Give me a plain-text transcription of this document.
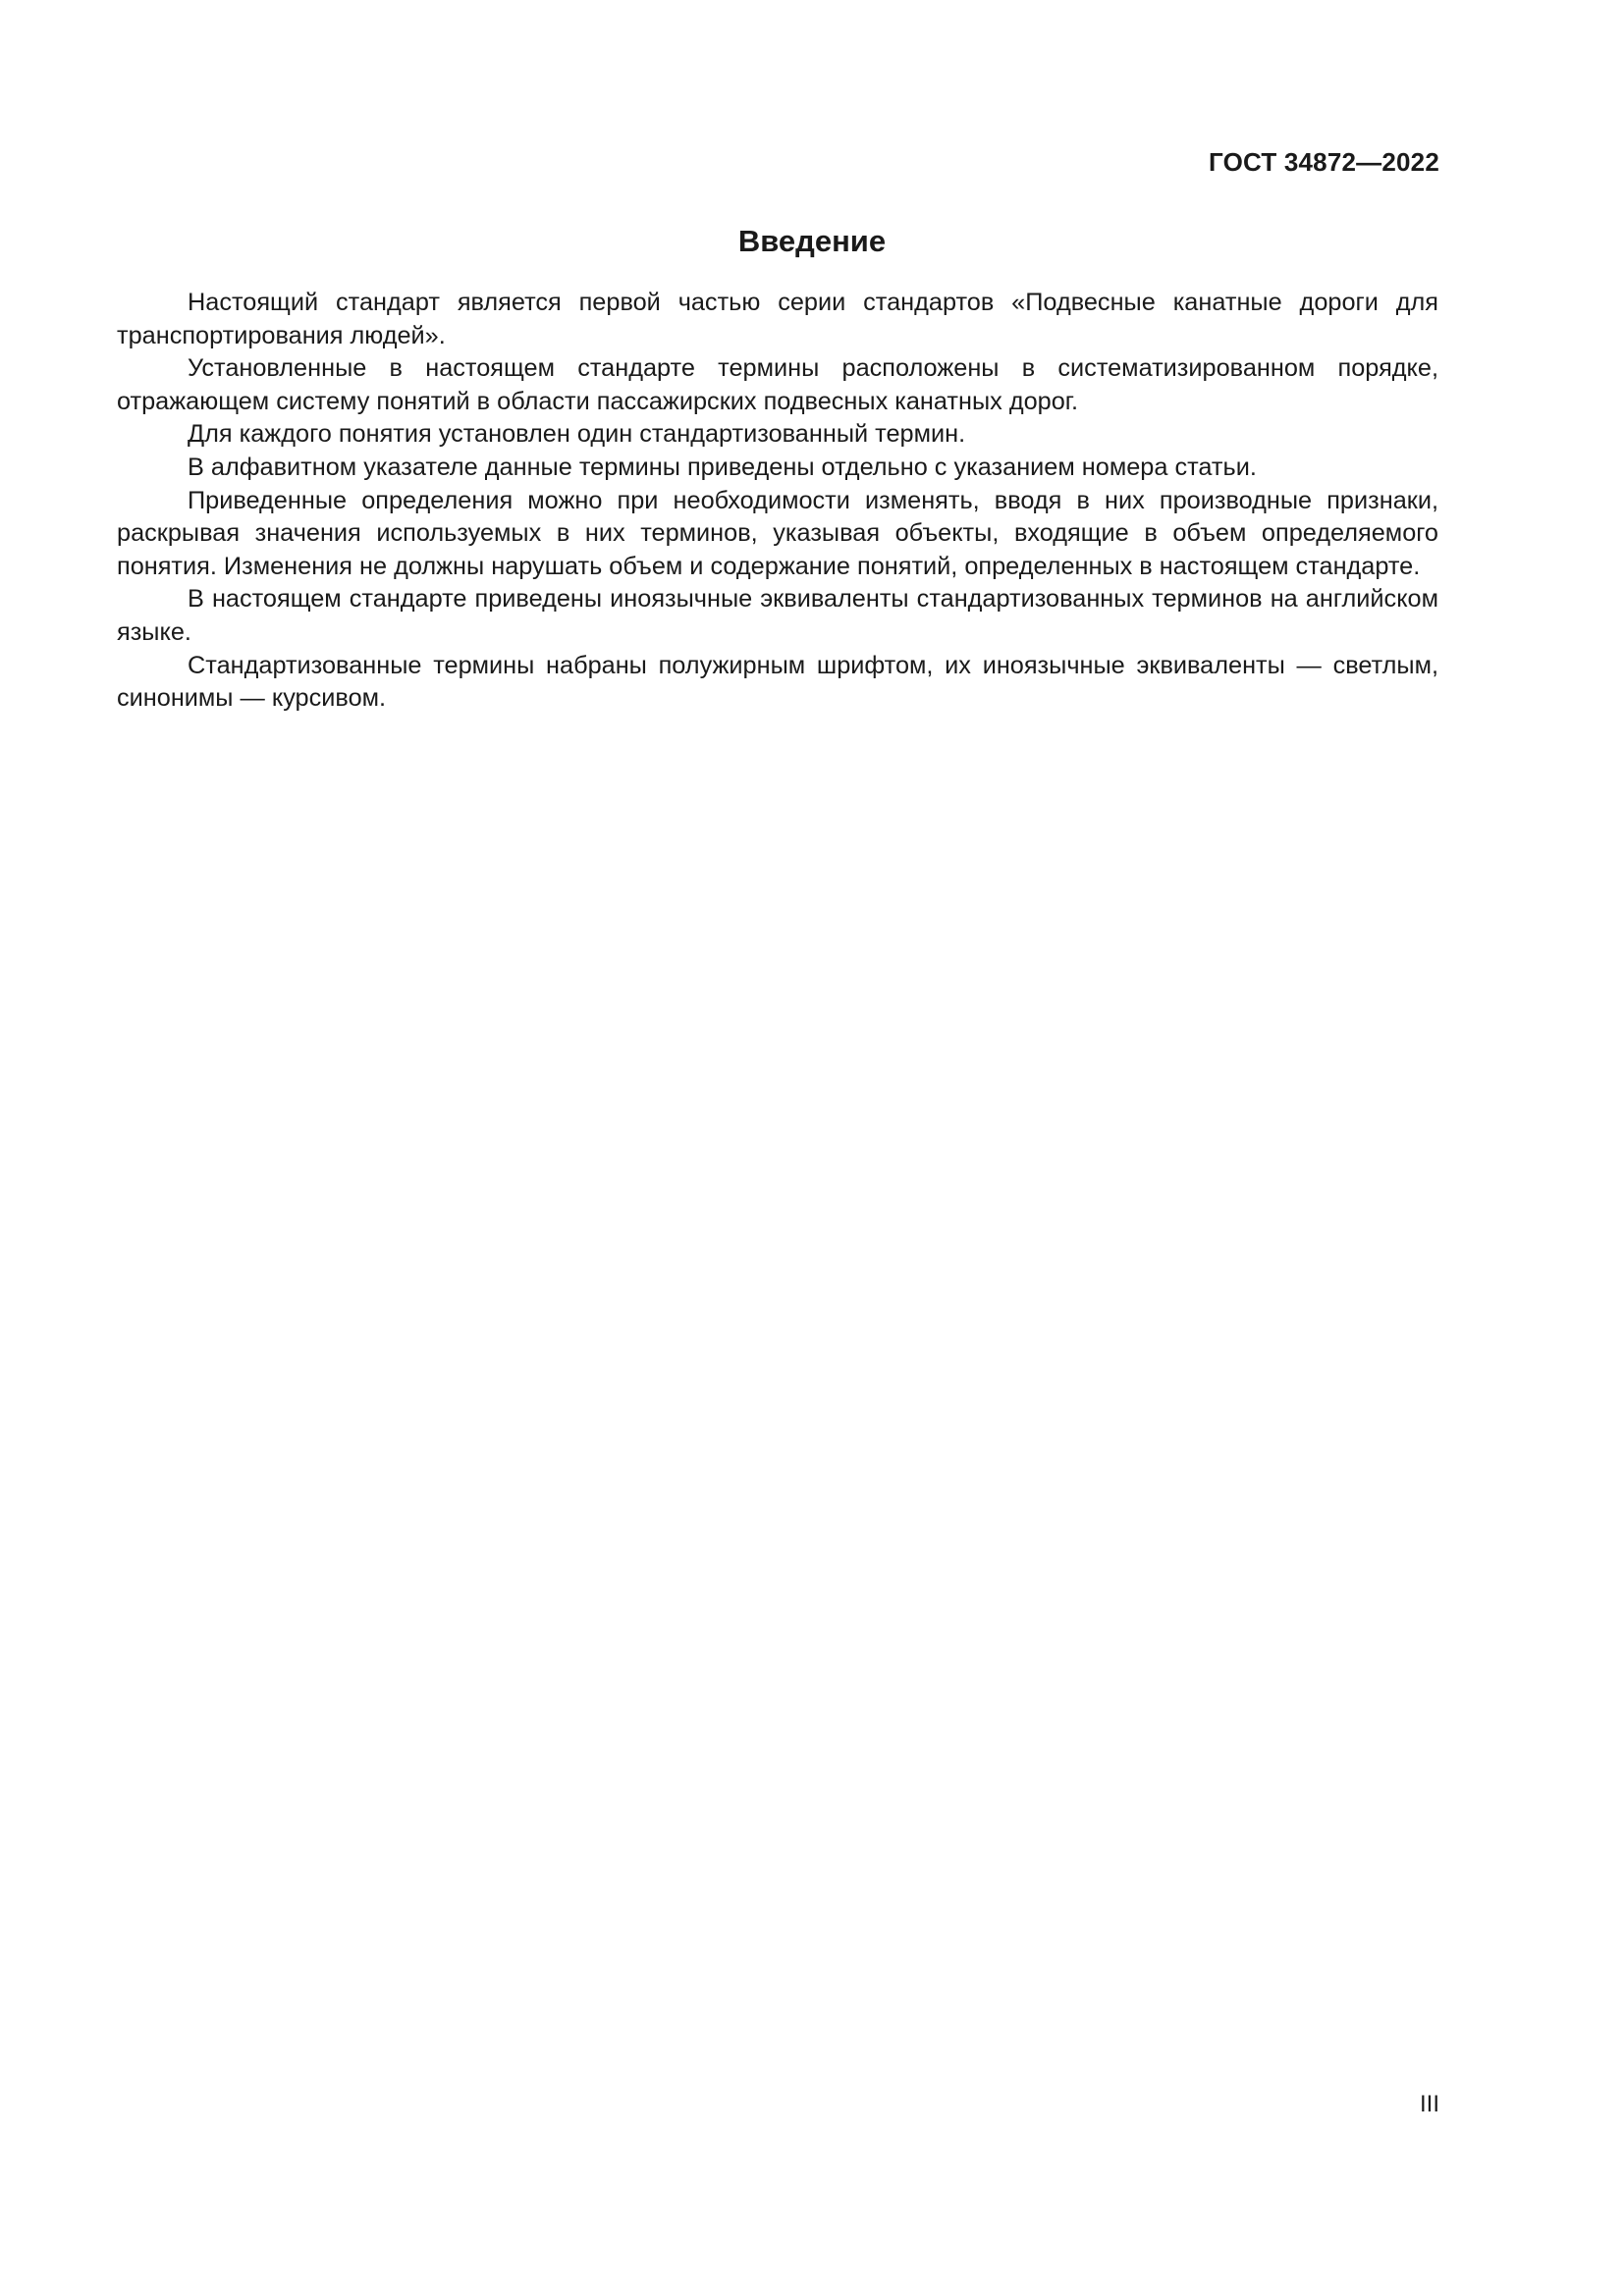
ГОСТ 34872—2022
Введение

Настоящий стандарт является первой частью серии стандартов «Подвесные канатные дороги для транспортирования людей».

Установленные в настоящем стандарте термины расположены в систематизированном порядке, отражающем систему понятий в области пассажирских подвесных канатных дорог.

Для каждого понятия установлен один стандартизованный термин.

В алфавитном указателе данные термины приведены отдельно с указанием номера статьи.

Приведенные определения можно при необходимости изменять, вводя в них производные признаки, раскрывая значения используемых в них терминов, указывая объекты, входящие в объем определяемого понятия. Изменения не должны нарушать объем и содержание понятий, определенных в настоящем стандарте.

В настоящем стандарте приведены иноязычные эквиваленты стандартизованных терминов на английском языке.

Стандартизованные термины набраны полужирным шрифтом, их иноязычные эквиваленты — светлым, синонимы — курсивом.

III
